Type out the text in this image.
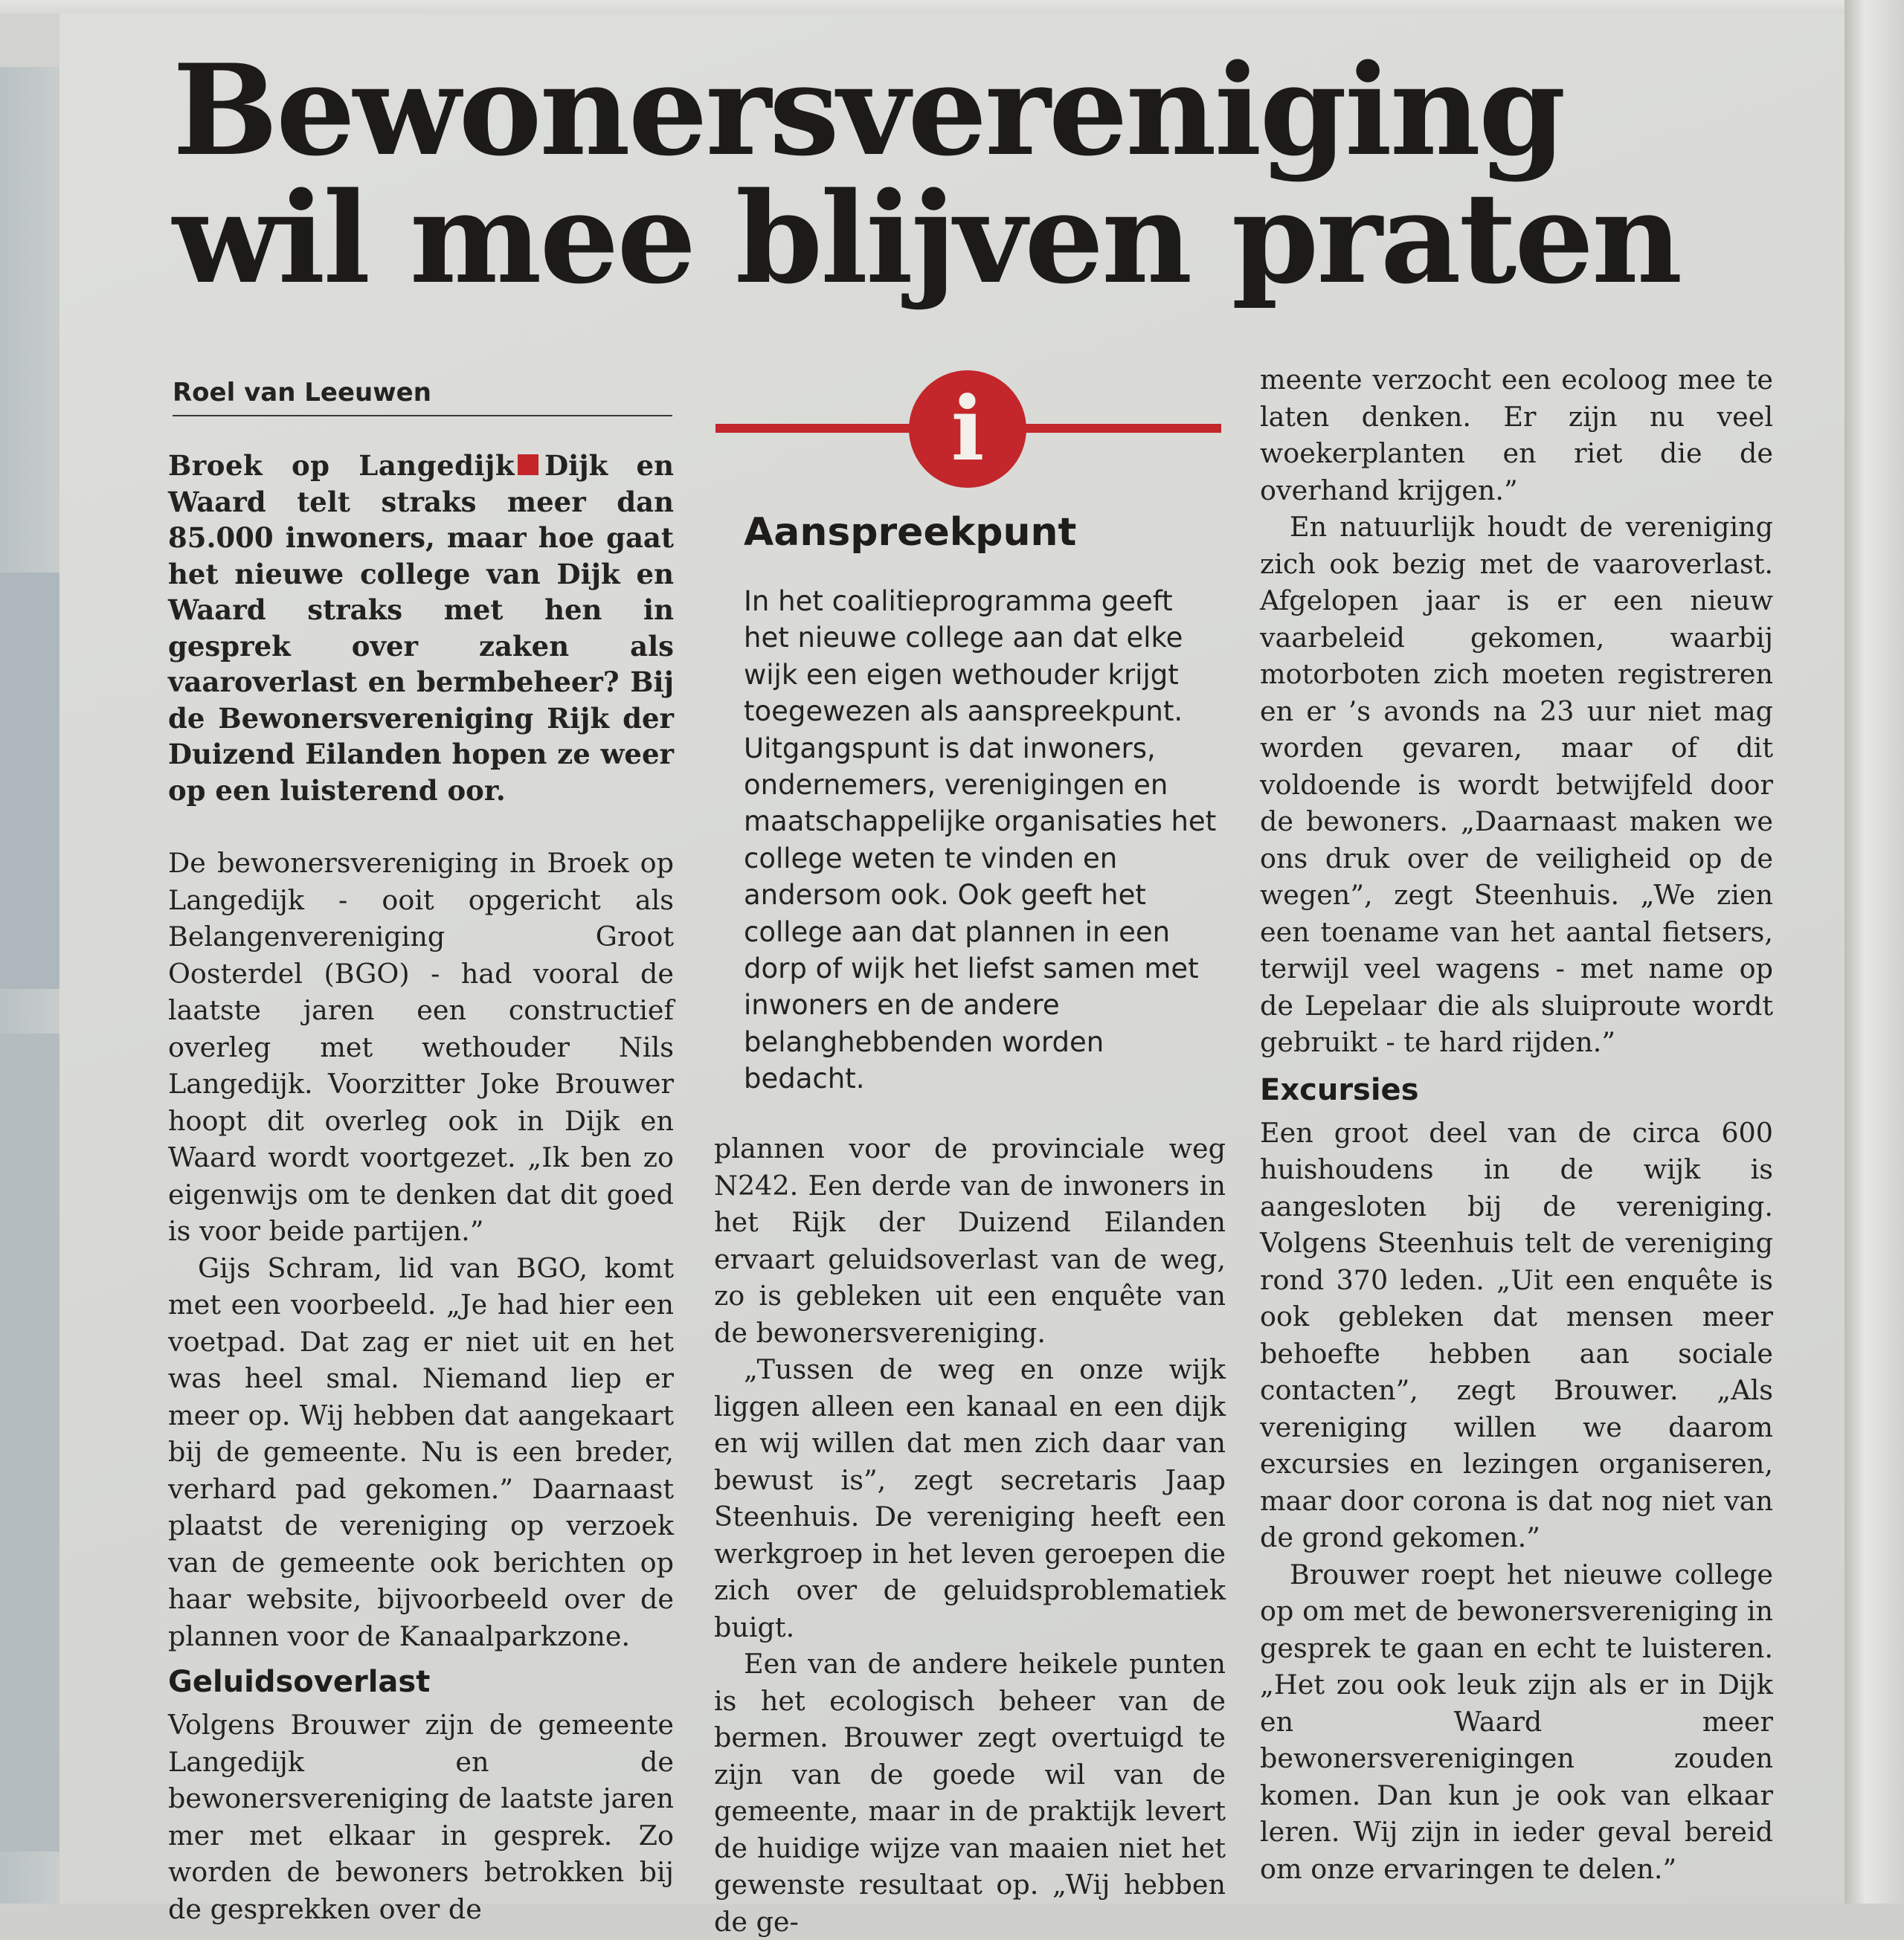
Bewonersvereniging
wil mee blijven praten
Roel van Leeuwen

Broek op Langedijk Dijk en Waard telt straks meer dan 85.000 inwoners, maar hoe gaat het nieuwe college van Dijk en Waard straks met hen in gesprek over zaken als vaaroverlast en bermbeheer? Bij de Bewonersvereniging Rijk der Duizend Eilanden hopen ze weer op een luisterend oor.

De bewonersvereniging in Broek op Langedijk - ooit opgericht als Belangenvereniging Groot Oosterdel (BGO) - had vooral de laatste jaren een constructief overleg met wethouder Nils Langedijk. Voorzitter Joke Brouwer hoopt dit overleg ook in Dijk en Waard wordt voortgezet. „Ik ben zo eigenwijs om te denken dat dit goed is voor beide partijen.”

Gijs Schram, lid van BGO, komt met een voorbeeld. „Je had hier een voetpad. Dat zag er niet uit en het was heel smal. Niemand liep er meer op. Wij hebben dat aangekaart bij de gemeente. Nu is een breder, verhard pad gekomen.” Daarnaast plaatst de vereniging op verzoek van de gemeente ook berichten op haar website, bijvoorbeeld over de plannen voor de Kanaalparkzone.

Geluidsoverlast

Volgens Brouwer zijn de gemeente Langedijk en de bewonersvereniging de laatste jaren mer met elkaar in gesprek. Zo worden de bewoners betrokken bij de gesprekken over de

i
Aanspreekpunt

In het coalitieprogramma geeft het nieuwe college aan dat elke wijk een eigen wethouder krijgt toegewezen als aanspreekpunt. Uitgangspunt is dat inwoners, ondernemers, verenigingen en maatschappelijke organisaties het college weten te vinden en andersom ook. Ook geeft het college aan dat plannen in een dorp of wijk het liefst samen met inwoners en de andere belanghebbenden worden bedacht.

plannen voor de provinciale weg N242. Een derde van de inwoners in het Rijk der Duizend Eilanden ervaart geluidsoverlast van de weg, zo is gebleken uit een enquête van de bewonersvereniging.

„Tussen de weg en onze wijk liggen alleen een kanaal en een dijk en wij willen dat men zich daar van bewust is”, zegt secretaris Jaap Steenhuis. De vereniging heeft een werkgroep in het leven geroepen die zich over de geluidsproblematiek buigt.

Een van de andere heikele punten is het ecologisch beheer van de bermen. Brouwer zegt overtuigd te zijn van de goede wil van de gemeente, maar in de praktijk levert de huidige wijze van maaien niet het gewenste resultaat op. „Wij hebben de ge-

meente verzocht een ecoloog mee te laten denken. Er zijn nu veel woekerplanten en riet die de overhand krijgen.”

En natuurlijk houdt de vereniging zich ook bezig met de vaaroverlast. Afgelopen jaar is er een nieuw vaarbeleid gekomen, waarbij motorboten zich moeten registreren en er ’s avonds na 23 uur niet mag worden gevaren, maar of dit voldoende is wordt betwijfeld door de bewoners. „Daarnaast maken we ons druk over de veiligheid op de wegen”, zegt Steenhuis. „We zien een toename van het aantal fietsers, terwijl veel wagens - met name op de Lepelaar die als sluiproute wordt gebruikt - te hard rijden.”

Excursies

Een groot deel van de circa 600 huishoudens in de wijk is aangesloten bij de vereniging. Volgens Steenhuis telt de vereniging rond 370 leden. „Uit een enquête is ook gebleken dat mensen meer behoefte hebben aan sociale contacten”, zegt Brouwer. „Als vereniging willen we daarom excursies en lezingen organiseren, maar door corona is dat nog niet van de grond gekomen.”

Brouwer roept het nieuwe college op om met de bewonersvereniging in gesprek te gaan en echt te luisteren. „Het zou ook leuk zijn als er in Dijk en Waard meer bewonersverenigingen zouden komen. Dan kun je ook van elkaar leren. Wij zijn in ieder geval bereid om onze ervaringen te delen.”
